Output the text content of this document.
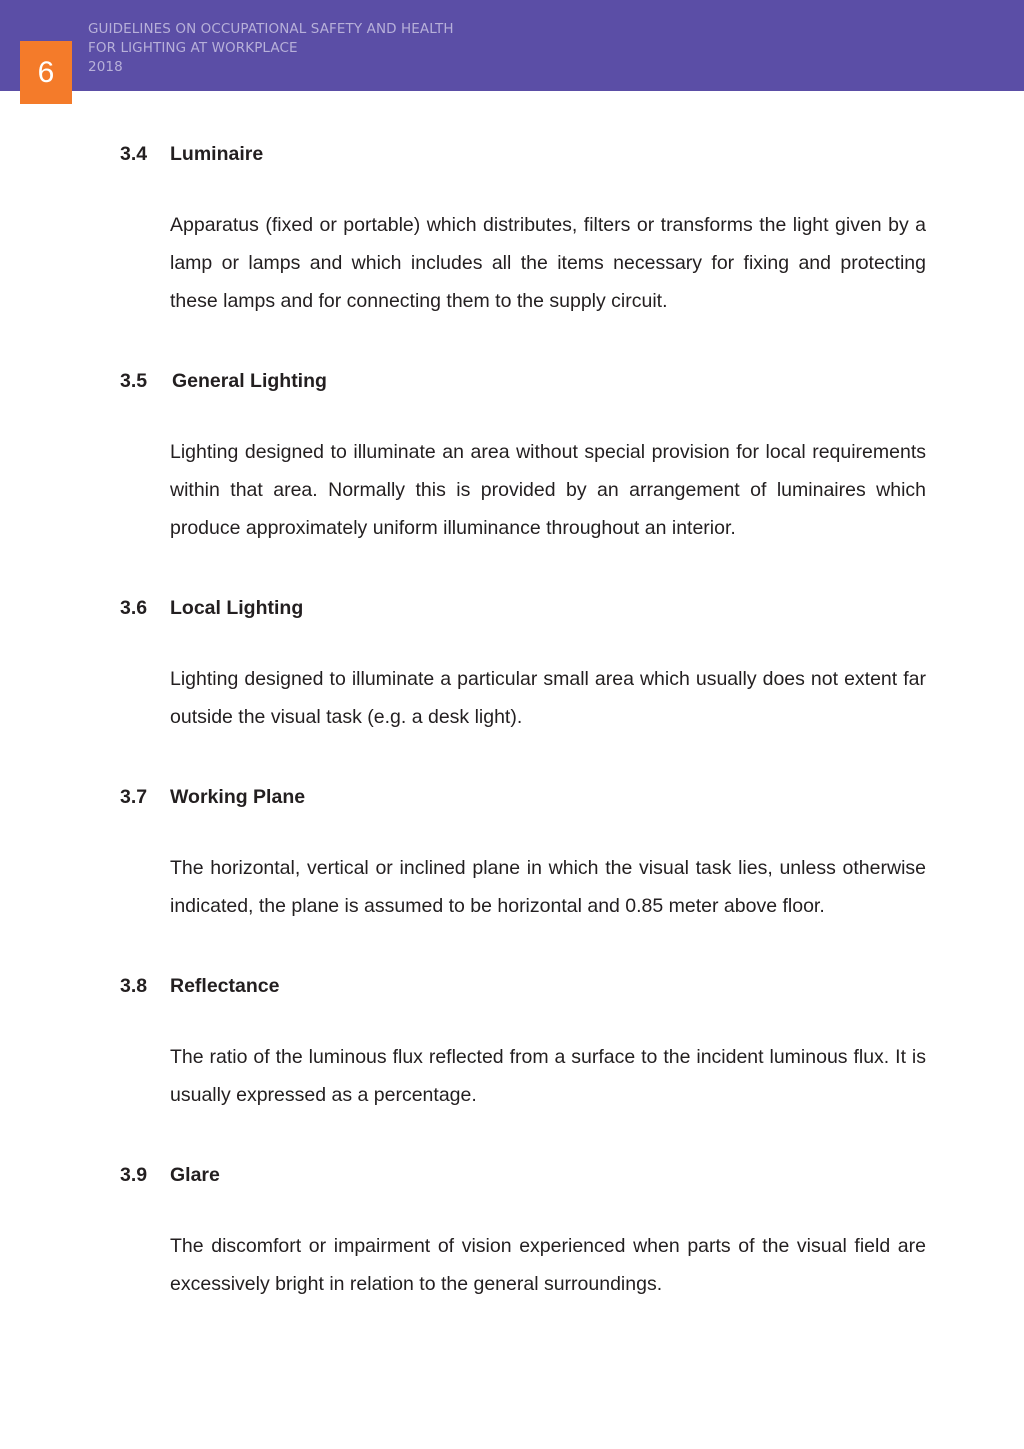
6
GUIDELINES ON OCCUPATIONAL SAFETY AND HEALTH
FOR LIGHTING AT WORKPLACE
2018
3.4 Luminaire
Apparatus (fixed or portable) which distributes, filters or transforms the light given by a lamp or lamps and which includes all the items necessary for fixing and protecting these lamps and for connecting them to the supply circuit.
3.5 General Lighting
Lighting designed to illuminate an area without special provision for local requirements within that area. Normally this is provided by an arrangement of luminaires which produce approximately uniform illuminance throughout an interior.
3.6 Local Lighting
Lighting designed to illuminate a particular small area which usually does not extent far outside the visual task (e.g. a desk light).
3.7 Working Plane
The horizontal, vertical or inclined plane in which the visual task lies, unless otherwise indicated, the plane is assumed to be horizontal and 0.85 meter above floor.
3.8 Reflectance
The ratio of the luminous flux reflected from a surface to the incident luminous flux. It is usually expressed as a percentage.
3.9 Glare
The discomfort or impairment of vision experienced when parts of the visual field are excessively bright in relation to the general surroundings.
